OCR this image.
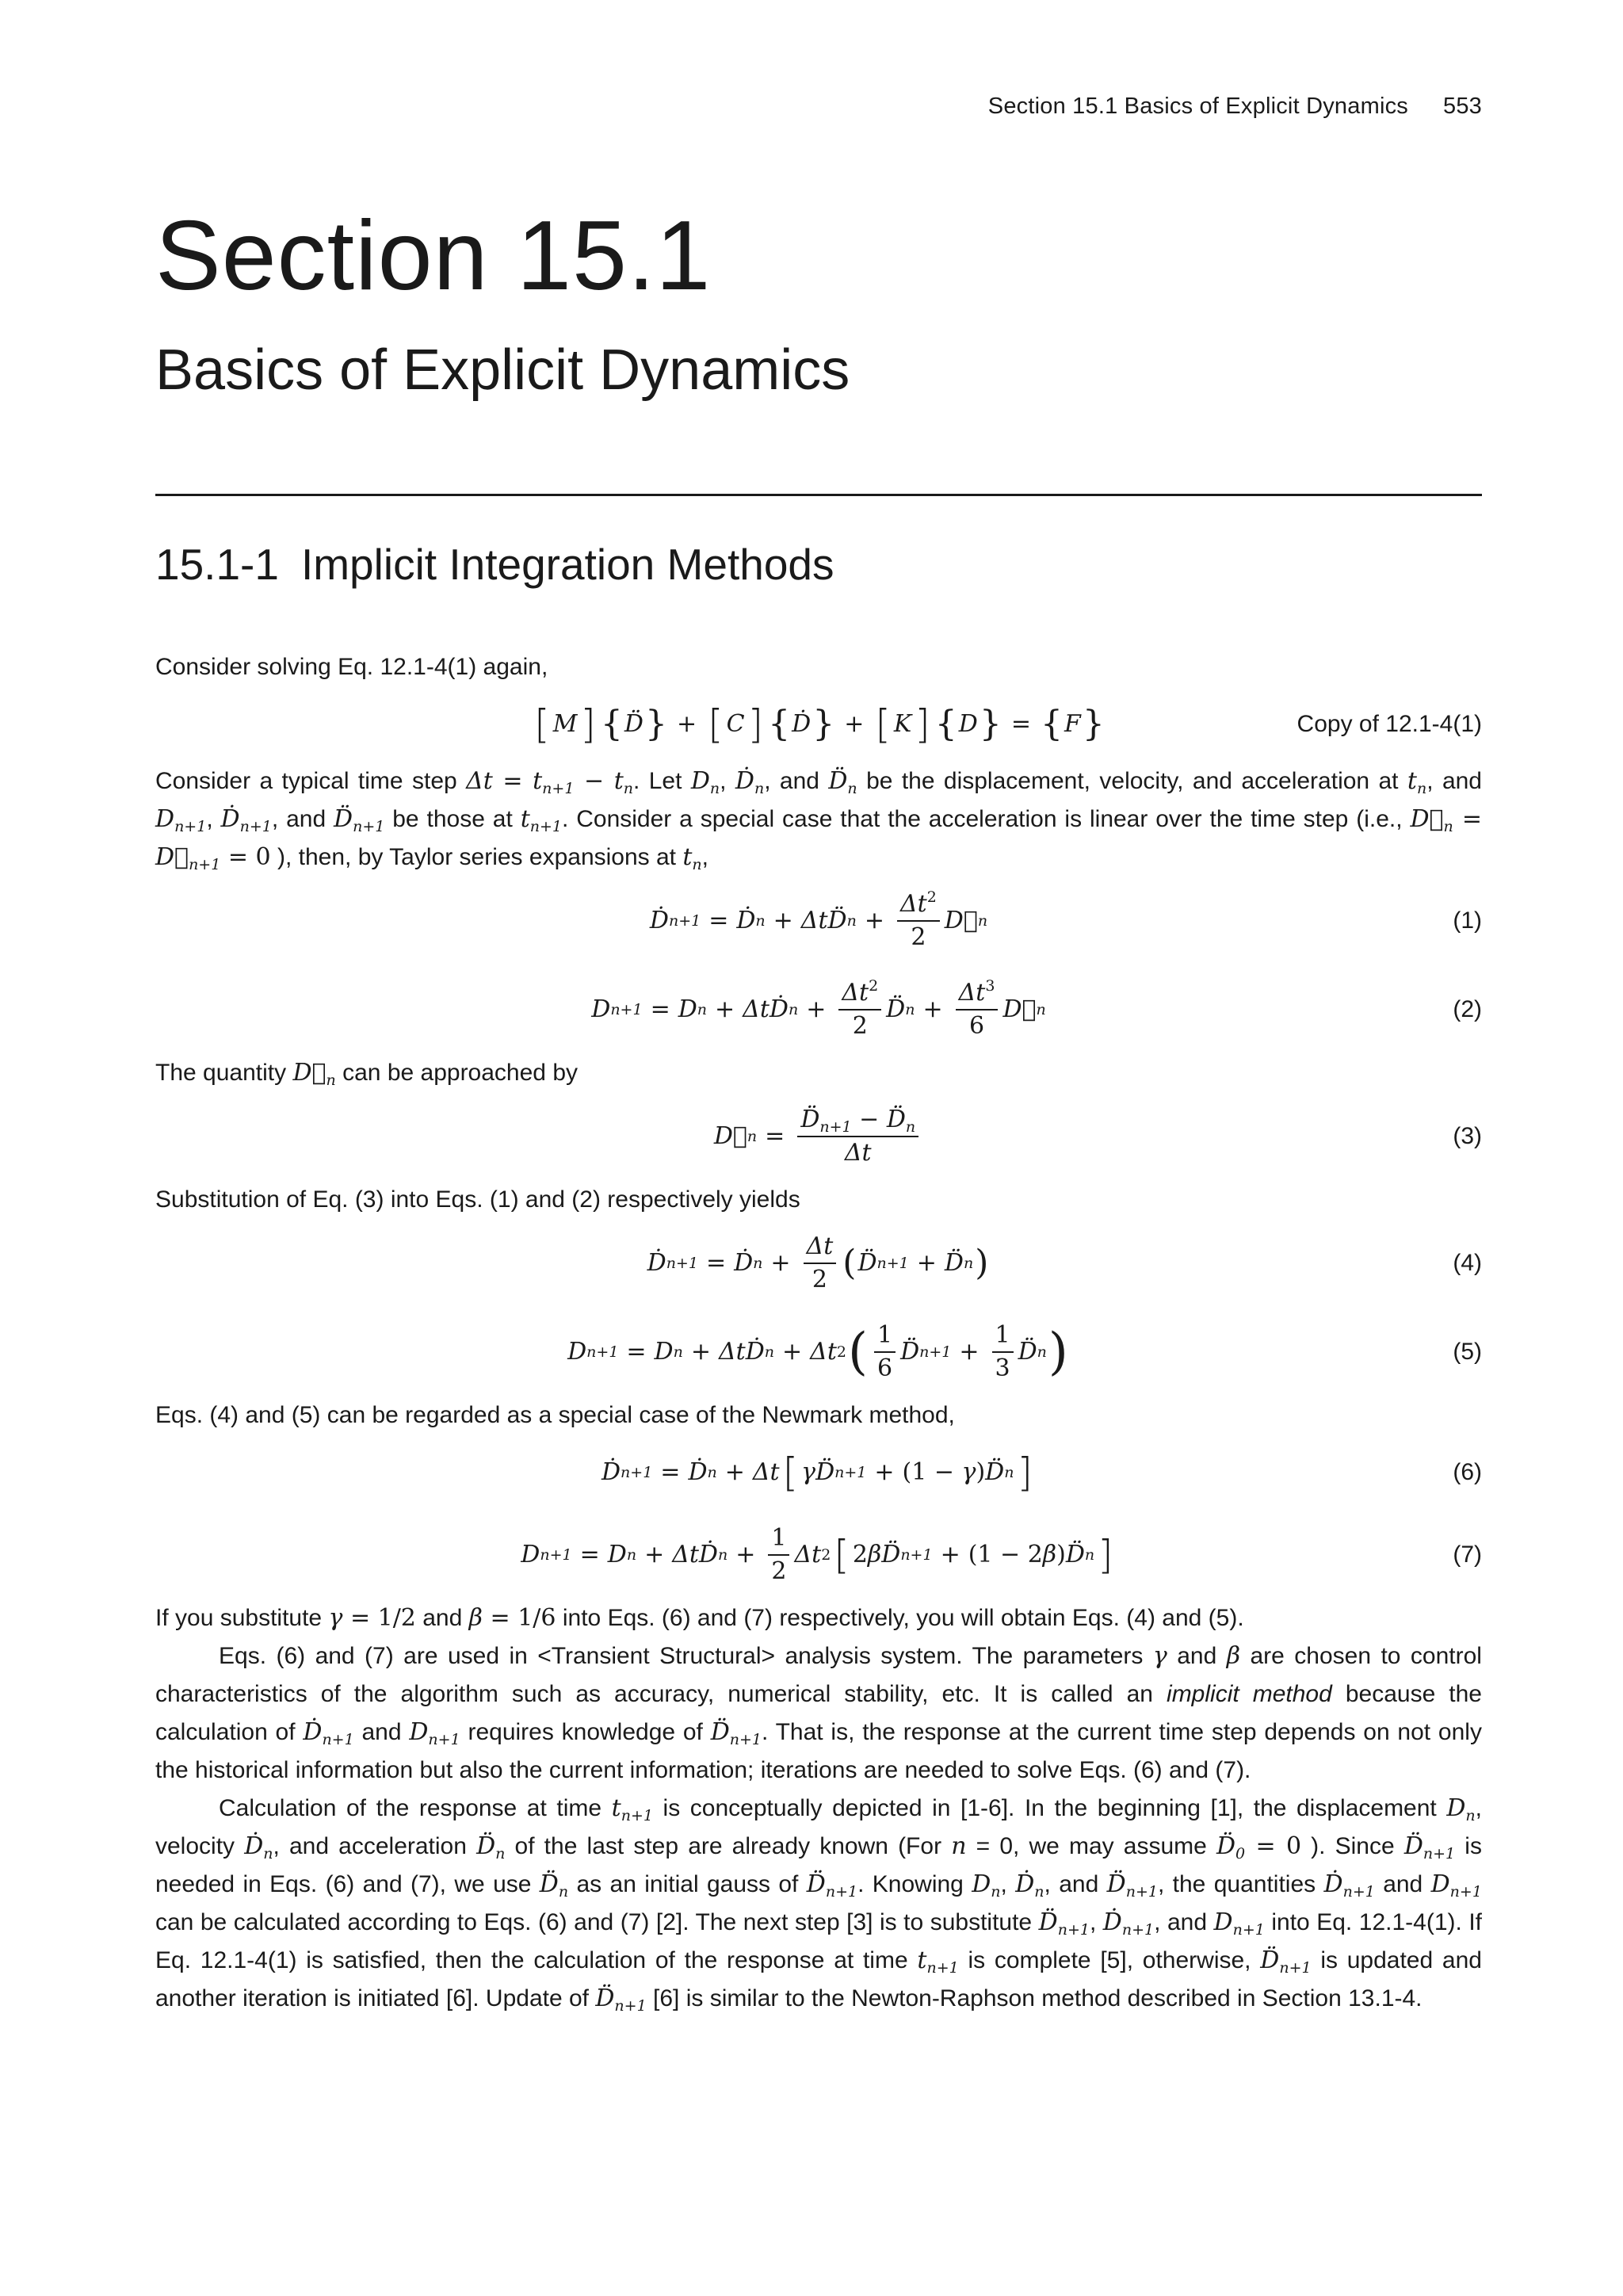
Section 15.1 Basics of Explicit Dynamics 553
Section 15.1
Basics of Explicit Dynamics
15.1-1 Implicit Integration Methods

Consider solving Eq. 12.1-4(1) again,

[ M ] { D̈ } + [ C ] { Ḋ } + [ K ] { D } = { F }	Copy of 12.1-4(1)

Consider a typical time step $\Delta t = t_{n+1} - t_n$. Let $D_n$, Ḋ$_n$, and $D̈_n$ be the displacement, velocity, and acceleration at $t_n$, and $D_{n+1}$, Ḋ$_{n+1}$, and $D̈_{n+1}$ be those at $t_{n+1}$. Consider a special case that the acceleration is linear over the time step (i.e., $D⃛_n$ = $D⃛_{n+1} = 0$ ), then, by Taylor series expansions at $t_n$,

Ḋ n+1 = Ḋ n + ΔtD̈ $n + \frac{\Delta t^2}{2}$ D⃛ n	(1)
D n+1 = D n + ΔtḊ $n + \frac{\Delta t^2}{2}$ D̈ $n + \frac{\Delta t^3}{6}$ D⃛ n	(2)

The quantity $D⃛_n$ can be approached by

D⃛ $n = \frac{D̈_{n+1} - D̈_n}{\Delta t}$	(3)

Substitution of Eq. (3) into Eqs. (1) and (2) respectively yields

Ḋ n+1 = Ḋ $n + \frac{\Delta t}{2}$ ( D̈ n+1 + D̈ n )	(4)
D n+1 = D n + ΔtḊ n + Δt 2 ( $\frac{1}{6}$ D̈ $n+1 + \frac{1}{3}$ D̈ n )	(5)

Eqs. (4) and (5) can be regarded as a special case of the Newmark method,

Ḋ n+1 = Ḋ n + Δt [ γD̈ n+1 + (1 − γ ) D̈ n ]	(6)
D n+1 = D n + ΔtḊ $n + \frac{1}{2}$ Δt 2 [ 2 βD̈ n+1 + (1 − 2 β ) D̈ n ]	(7)

If you substitute γ = 1/2 and β = 1/6 into Eqs. (6) and (7) respectively, you will obtain Eqs. (4) and (5).

Eqs. (6) and (7) are used in <Transient Structural> analysis system. The parameters γ and β are chosen to control characteristics of the algorithm such as accuracy, numerical stability, etc. It is called an implicit method because the calculation of Ḋ$_{n+1}$ and $D_{n+1}$ requires knowledge of $D̈_{n+1}$. That is, the response at the current time step depends on not only the historical information but also the current information; iterations are needed to solve Eqs. (6) and (7).

Calculation of the response at time $t_{n+1}$ is conceptually depicted in [1-6]. In the beginning [1], the displacement $D_n$, velocity Ḋ$_n$, and acceleration $D̈_n$ of the last step are already known (For n = 0, we may assume $D̈_0 = 0$ ). Since $D̈_{n+1}$ is needed in Eqs. (6) and (7), we use $D̈_n$ as an initial gauss of $D̈_{n+1}$. Knowing $D_n$, Ḋ$_n$, and $D̈_{n+1}$, the quantities Ḋ$_{n+1}$ and $D_{n+1}$ can be calculated according to Eqs. (6) and (7) [2]. The next step [3] is to substitute $D̈_{n+1}$, Ḋ$_{n+1}$, and $D_{n+1}$ into Eq. 12.1-4(1). If Eq. 12.1-4(1) is satisfied, then the calculation of the response at time $t_{n+1}$ is complete [5], otherwise, $D̈_{n+1}$ is updated and another iteration is initiated [6]. Update of $D̈_{n+1}$ [6] is similar to the Newton-Raphson method described in Section 13.1-4.
